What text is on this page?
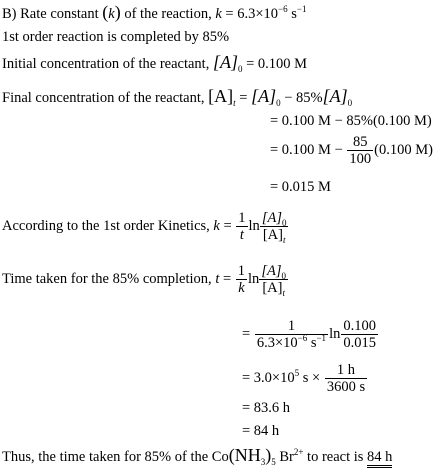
B) Rate constant (k) of the reaction, $k = 6.3\times 10^{-6}$ $s^{-1}$
1st order reaction is completed by 85%
Initial concentration of the reactant, $[A]_0 = 0.100$ M
Final concentration of the reactant, $[A]_t = [A]_0 - 85\%[A]_0$
= 0.100 M − 85%(0.100 M)
= 0.100 $M - \frac{85}{100} (0.100$ M)
= 0.015 M
According to the 1st order Kinetics, $k = \frac{1}{t}$ $\ln \frac{[A]_0}{[A]_t}$
Time taken for the 85% completion, $t = \frac{1}{k}$ $\ln \frac{[A]_0}{[A]_t}$
= $\frac{1}{6.3\times 10^{-6} s^{-1}}$ $\ln \frac{0.100}{0.015}$
= $3.0\times 10^5$ $s \times \frac{1 h}{3600 s}$
= 83.6 h
= 84 h
Thus, the time taken for 85% of the $Co(NH_3)_5$ $Br^{2+}$ to react is 84 h
